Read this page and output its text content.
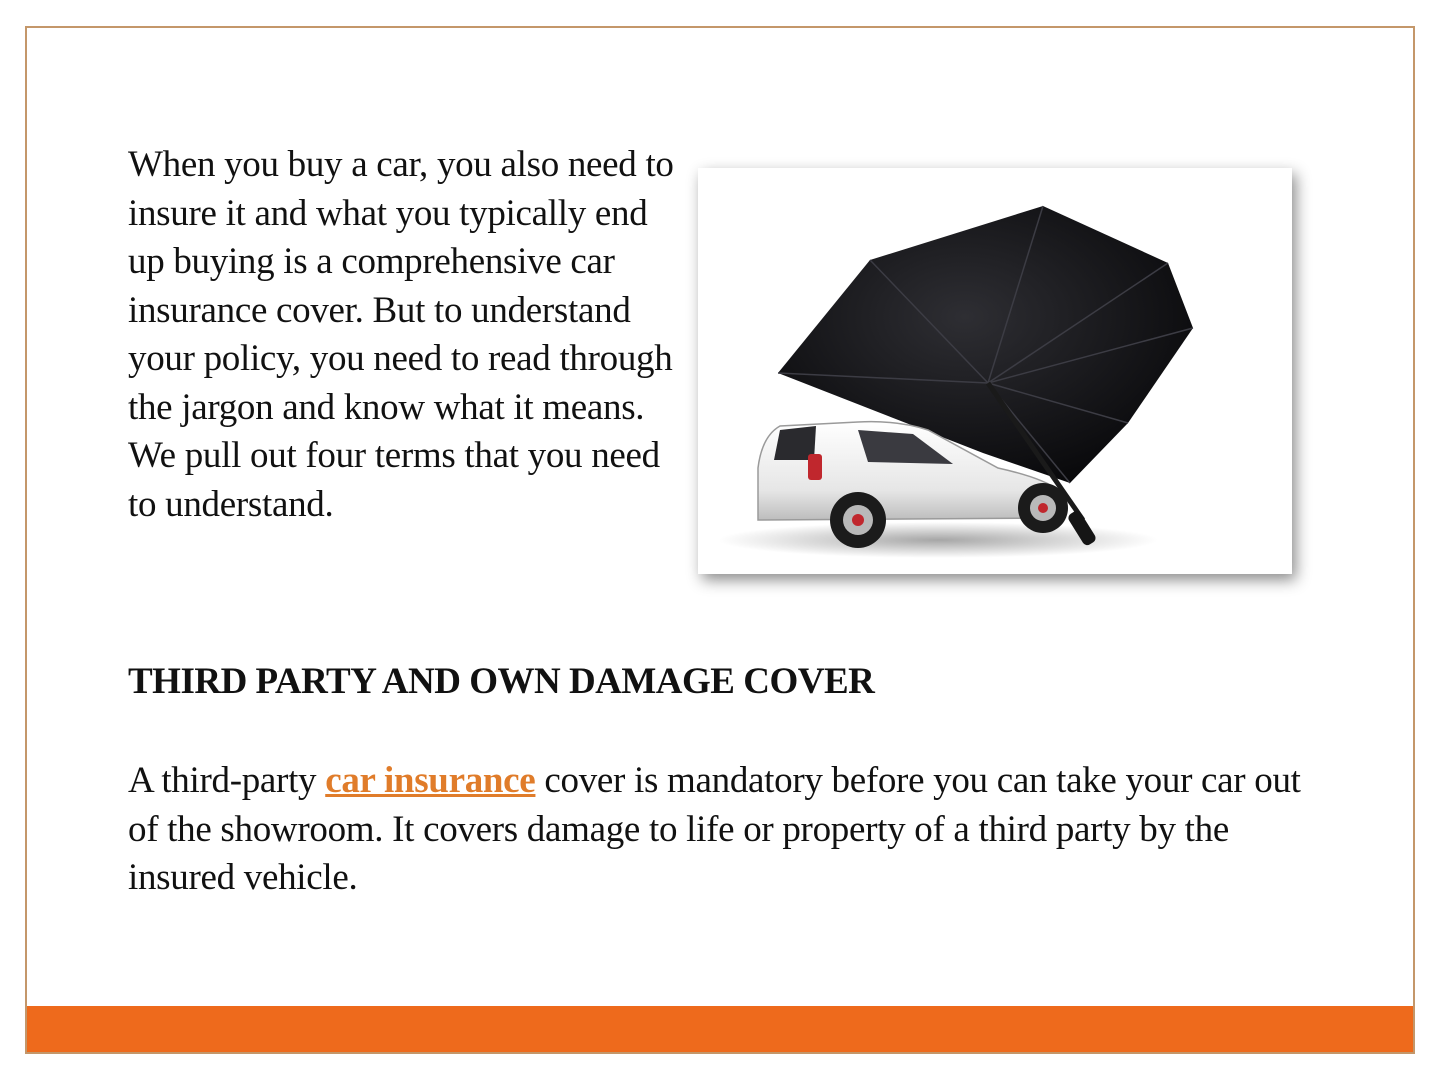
When you buy a car, you also need to insure it and what you typically end up buying is a comprehensive car insurance cover. But to understand your policy, you need to read through the jargon and know what it means. We pull out four terms that you need to understand.

THIRD PARTY AND OWN DAMAGE COVER

A third-party car insurance cover is mandatory before you can take your car out of the showroom. It covers damage to life or property of a third party by the insured vehicle.
